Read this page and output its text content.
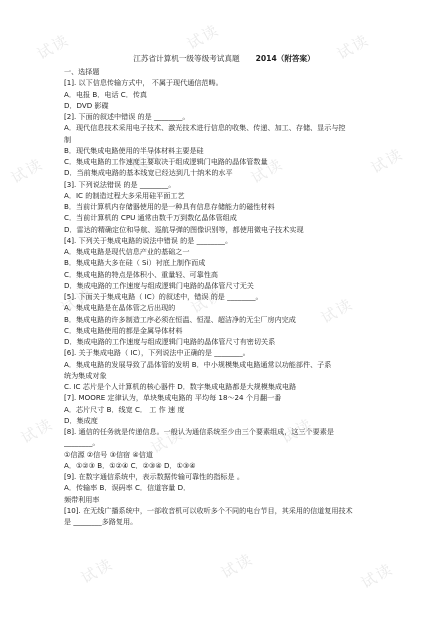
试读	试读	试读
试读	试读	试读	试读
试读	试读	试读
试读	试读	试读
试读	试读	试读
江苏省计算机一级等级考试真题 2014（附答案）
一、选择题
[1]. 以下信息传输方式中， 不属于现代通信范畴。
A．电报 B．电话 C．传真
D．DVD 影碟
[2]. 下面的叙述中错误 的是 ________。
A．现代信息技术采用电子技术、激光技术进行信息的收集、传递、加工、存储、显示与控
制
B．现代集成电路使用的半导体材料主要是硅
C．集成电路的工作速度主要取决于组成逻辑门电路的晶体管数量
D．当前集成电路的基本线宽已经达到几十纳米的水平
[3]. 下列说法错误 的是 ________。
A．IC 的制造过程大多采用硅平面工艺
B．当前计算机内存储器使用的是一种具有信息存储能力的磁性材料
C．当前计算机的 CPU 通常由数千万到数亿晶体管组成
D．雷达的精确定位和导航、巡航导弹的图像识别等，都使用微电子技术实现
[4]. 下列关于集成电路的说法中错误 的是 ________。
A．集成电路是现代信息产业的基础之一
B．集成电路大多在硅（ Si）衬底上制作而成
C．集成电路的特点是体积小、重量轻、可靠性高
D．集成电路的工作速度与组成逻辑门电路的晶体管尺寸无关
[5]. 下面关于集成电路（ IC）的叙述中，错误 的是 ________。
A．集成电路是在晶体管之后出现的
B．集成电路的许多制造工序必须在恒温、恒湿、超洁净的无尘厂房内完成
C．集成电路使用的都是金属导体材料
D．集成电路的工作速度与组成逻辑门电路的晶体管尺寸有密切关系
[6]. 关于集成电路（ IC），下列说法中正确的是 ________。
A．集成电路的发展导致了晶体管的发明 B．中小规模集成电路通常以功能部件、子系
统为集成对象
C. IC 芯片是个人计算机的核心器件 D．数字集成电路都是大规模集成电路
[7]. MOORE 定律认为，单块集成电路的 平均每 18～24 个月翻一番
A．芯片尺寸 B．线宽 C． 工 作 速 度
D．集成度
[8]. 通信的任务就是传递信息。一般认为通信系统至少由三个要素组成，这三个要素是
________。
①信源 ②信号 ③信宿 ④信道
A．①②③ B．①②④ C．②③④ D．①③④
[9]. 在数字通信系统中，表示数据传输可靠性的指标是 。
A．传输率 B．误码率 C．信道容量 D．
频带利用率
[10]. 在无线广播系统中，一部收音机可以收听多个不同的电台节目，其采用的信道复用技术
是 ________多路复用。
